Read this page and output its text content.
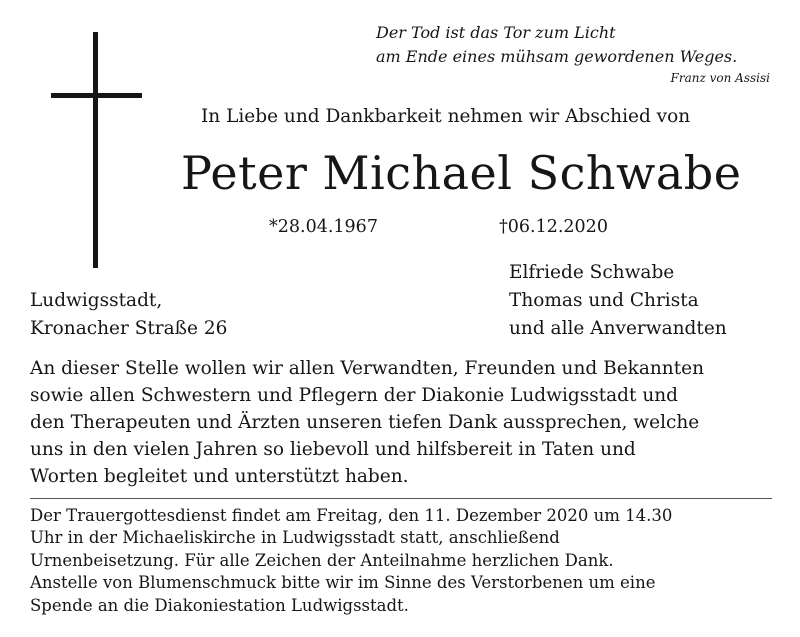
Der Tod ist das Tor zum Licht
am Ende eines mühsam gewordenen Weges.
Franz von Assisi
In Liebe und Dankbarkeit nehmen wir Abschied von
Peter Michael Schwabe
*28.04.1967	†06.12.2020
Elfriede Schwabe
Thomas und Christa
und alle Anverwandten
Ludwigsstadt,
Kronacher Straße 26
An dieser Stelle wollen wir allen Verwandten, Freunden und Bekannten
sowie allen Schwestern und Pflegern der Diakonie Ludwigsstadt und
den Therapeuten und Ärzten unseren tiefen Dank aussprechen, welche
uns in den vielen Jahren so liebevoll und hilfsbereit in Taten und
Worten begleitet und unterstützt haben.
Der Trauergottesdienst findet am Freitag, den 11. Dezember 2020 um 14.30
Uhr in der Michaeliskirche in Ludwigsstadt statt, anschließend
Urnenbeisetzung. Für alle Zeichen der Anteilnahme herzlichen Dank.
Anstelle von Blumenschmuck bitte wir im Sinne des Verstorbenen um eine
Spende an die Diakoniestation Ludwigsstadt.
